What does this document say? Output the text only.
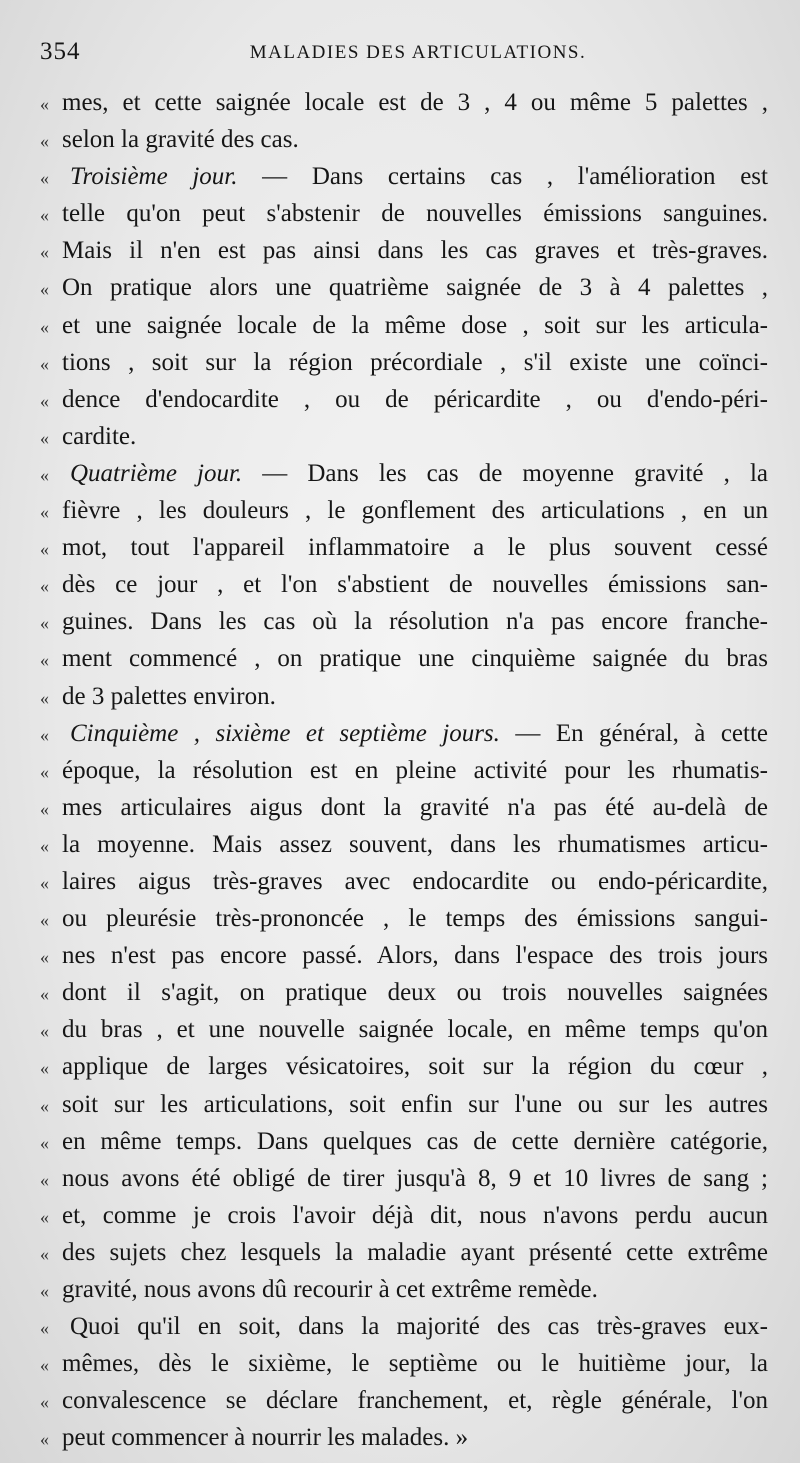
354	MALADIES DES ARTICULATIONS.
« mes, et cette saignée locale est de 3 , 4 ou même 5 palettes ,
« selon la gravité des cas.
« Troisième jour. — Dans certains cas , l'amélioration est
« telle qu'on peut s'abstenir de nouvelles émissions sanguines.
« Mais il n'en est pas ainsi dans les cas graves et très-graves.
« On pratique alors une quatrième saignée de 3 à 4 palettes ,
« et une saignée locale de la même dose , soit sur les articula-
« tions , soit sur la région précordiale , s'il existe une coïnci-
« dence d'endocardite , ou de péricardite , ou d'endo-péri-
« cardite.
« Quatrième jour. — Dans les cas de moyenne gravité , la
« fièvre , les douleurs , le gonflement des articulations , en un
« mot, tout l'appareil inflammatoire a le plus souvent cessé
« dès ce jour , et l'on s'abstient de nouvelles émissions san-
« guines. Dans les cas où la résolution n'a pas encore franche-
« ment commencé , on pratique une cinquième saignée du bras
« de 3 palettes environ.
« Cinquième , sixième et septième jours. — En général, à cette
« époque, la résolution est en pleine activité pour les rhumatis-
« mes articulaires aigus dont la gravité n'a pas été au-delà de
« la moyenne. Mais assez souvent, dans les rhumatismes articu-
« laires aigus très-graves avec endocardite ou endo-péricardite,
« ou pleurésie très-prononcée , le temps des émissions sangui-
« nes n'est pas encore passé. Alors, dans l'espace des trois jours
« dont il s'agit, on pratique deux ou trois nouvelles saignées
« du bras , et une nouvelle saignée locale, en même temps qu'on
« applique de larges vésicatoires, soit sur la région du cœur ,
« soit sur les articulations, soit enfin sur l'une ou sur les autres
« en même temps. Dans quelques cas de cette dernière catégorie,
« nous avons été obligé de tirer jusqu'à 8, 9 et 10 livres de sang ;
« et, comme je crois l'avoir déjà dit, nous n'avons perdu aucun
« des sujets chez lesquels la maladie ayant présenté cette extrême
« gravité, nous avons dû recourir à cet extrême remède.
« Quoi qu'il en soit, dans la majorité des cas très-graves eux-
« mêmes, dès le sixième, le septième ou le huitième jour, la
« convalescence se déclare franchement, et, règle générale, l'on
« peut commencer à nourrir les malades. »
